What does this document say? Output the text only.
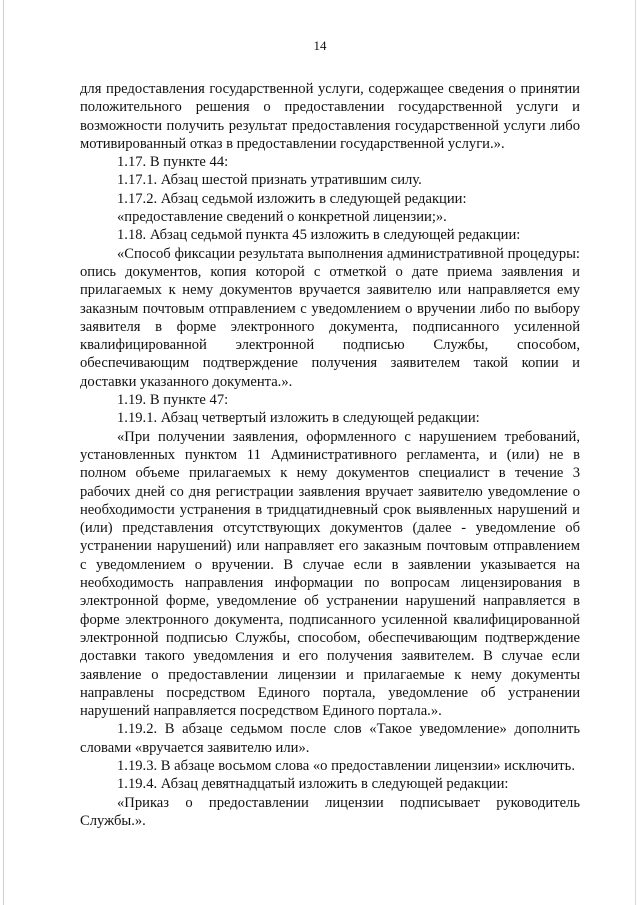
14

для предоставления государственной услуги, содержащее сведения о принятии положительного решения о предоставлении государственной услуги и возможности получить результат предоставления государственной услуги либо мотивированный отказ в предоставлении государственной услуги.».

1.17. В пункте 44:

1.17.1. Абзац шестой признать утратившим силу.

1.17.2. Абзац седьмой изложить в следующей редакции:

«предоставление сведений о конкретной лицензии;».

1.18. Абзац седьмой пункта 45 изложить в следующей редакции:

«Способ фиксации результата выполнения административной процедуры: опись документов, копия которой с отметкой о дате приема заявления и прилагаемых к нему документов вручается заявителю или направляется ему заказным почтовым отправлением с уведомлением о вручении либо по выбору заявителя в форме электронного документа, подписанного усиленной квалифицированной электронной подписью Службы, способом, обеспечивающим подтверждение получения заявителем такой копии и доставки указанного документа.».

1.19. В пункте 47:

1.19.1. Абзац четвертый изложить в следующей редакции:

«При получении заявления, оформленного с нарушением требований, установленных пунктом 11 Административного регламента, и (или) не в полном объеме прилагаемых к нему документов специалист в течение 3 рабочих дней со дня регистрации заявления вручает заявителю уведомление о необходимости устранения в тридцатидневный срок выявленных нарушений и (или) представления отсутствующих документов (далее - уведомление об устранении нарушений) или направляет его заказным почтовым отправлением с уведомлением о вручении. В случае если в заявлении указывается на необходимость направления информации по вопросам лицензирования в электронной форме, уведомление об устранении нарушений направляется в форме электронного документа, подписанного усиленной квалифицированной электронной подписью Службы, способом, обеспечивающим подтверждение доставки такого уведомления и его получения заявителем. В случае если заявление о предоставлении лицензии и прилагаемые к нему документы направлены посредством Единого портала, уведомление об устранении нарушений направляется посредством Единого портала.».

1.19.2. В абзаце седьмом после слов «Такое уведомление» дополнить словами «вручается заявителю или».

1.19.3. В абзаце восьмом слова «о предоставлении лицензии» исключить.

1.19.4. Абзац девятнадцатый изложить в следующей редакции:

«Приказ о предоставлении лицензии подписывает руководитель Службы.».
